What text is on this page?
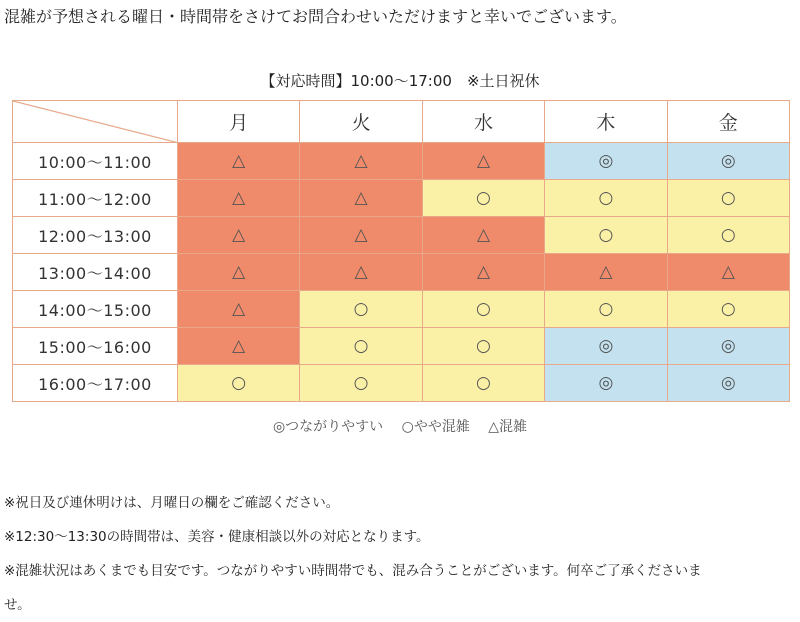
混雑が予想される曜日・時間帯をさけてお問合わせいただけますと幸いでございます。
【対応時間】10:00〜17:00　※土日祝休
	月	火	水	木	金
10:00〜11:00	△	△	△	◎	◎
11:00〜12:00	△	△	○	○	○
12:00〜13:00	△	△	△	○	○
13:00〜14:00	△	△	△	△	△
14:00〜15:00	△	○	○	○	○
15:00〜16:00	△	○	○	◎	◎
16:00〜17:00	○	○	○	◎	◎
◎つながりやすい ○やや混雑 △混雑
※祝日及び連休明けは、月曜日の欄をご確認ください。
※12:30〜13:30の時間帯は、美容・健康相談以外の対応となります。
※混雑状況はあくまでも目安です。つながりやすい時間帯でも、混み合うことがございます。何卒ご了承くださいま
せ。
